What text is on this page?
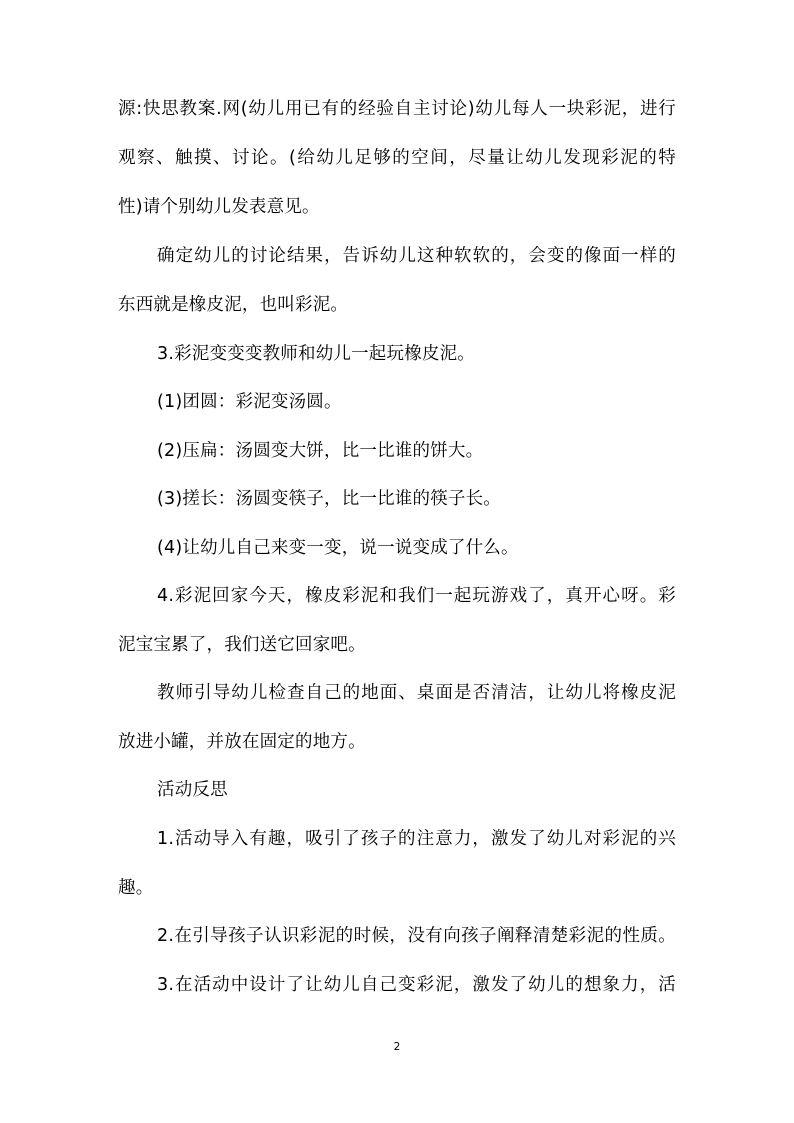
源:快思教案.网(幼儿用已有的经验自主讨论)幼儿每人一块彩泥，进行
观察、触摸、讨论。(给幼儿足够的空间，尽量让幼儿发现彩泥的特
性)请个别幼儿发表意见。
确定幼儿的讨论结果，告诉幼儿这种软软的，会变的像面一样的
东西就是橡皮泥，也叫彩泥。
3.彩泥变变变教师和幼儿一起玩橡皮泥。
(1)团圆：彩泥变汤圆。
(2)压扁：汤圆变大饼，比一比谁的饼大。
(3)搓长：汤圆变筷子，比一比谁的筷子长。
(4)让幼儿自己来变一变，说一说变成了什么。
4.彩泥回家今天，橡皮彩泥和我们一起玩游戏了，真开心呀。彩
泥宝宝累了，我们送它回家吧。
教师引导幼儿检查自己的地面、桌面是否清洁，让幼儿将橡皮泥
放进小罐，并放在固定的地方。
活动反思
1.活动导入有趣，吸引了孩子的注意力，激发了幼儿对彩泥的兴
趣。
2.在引导孩子认识彩泥的时候，没有向孩子阐释清楚彩泥的性质。
3.在活动中设计了让幼儿自己变彩泥，激发了幼儿的想象力，活
2
